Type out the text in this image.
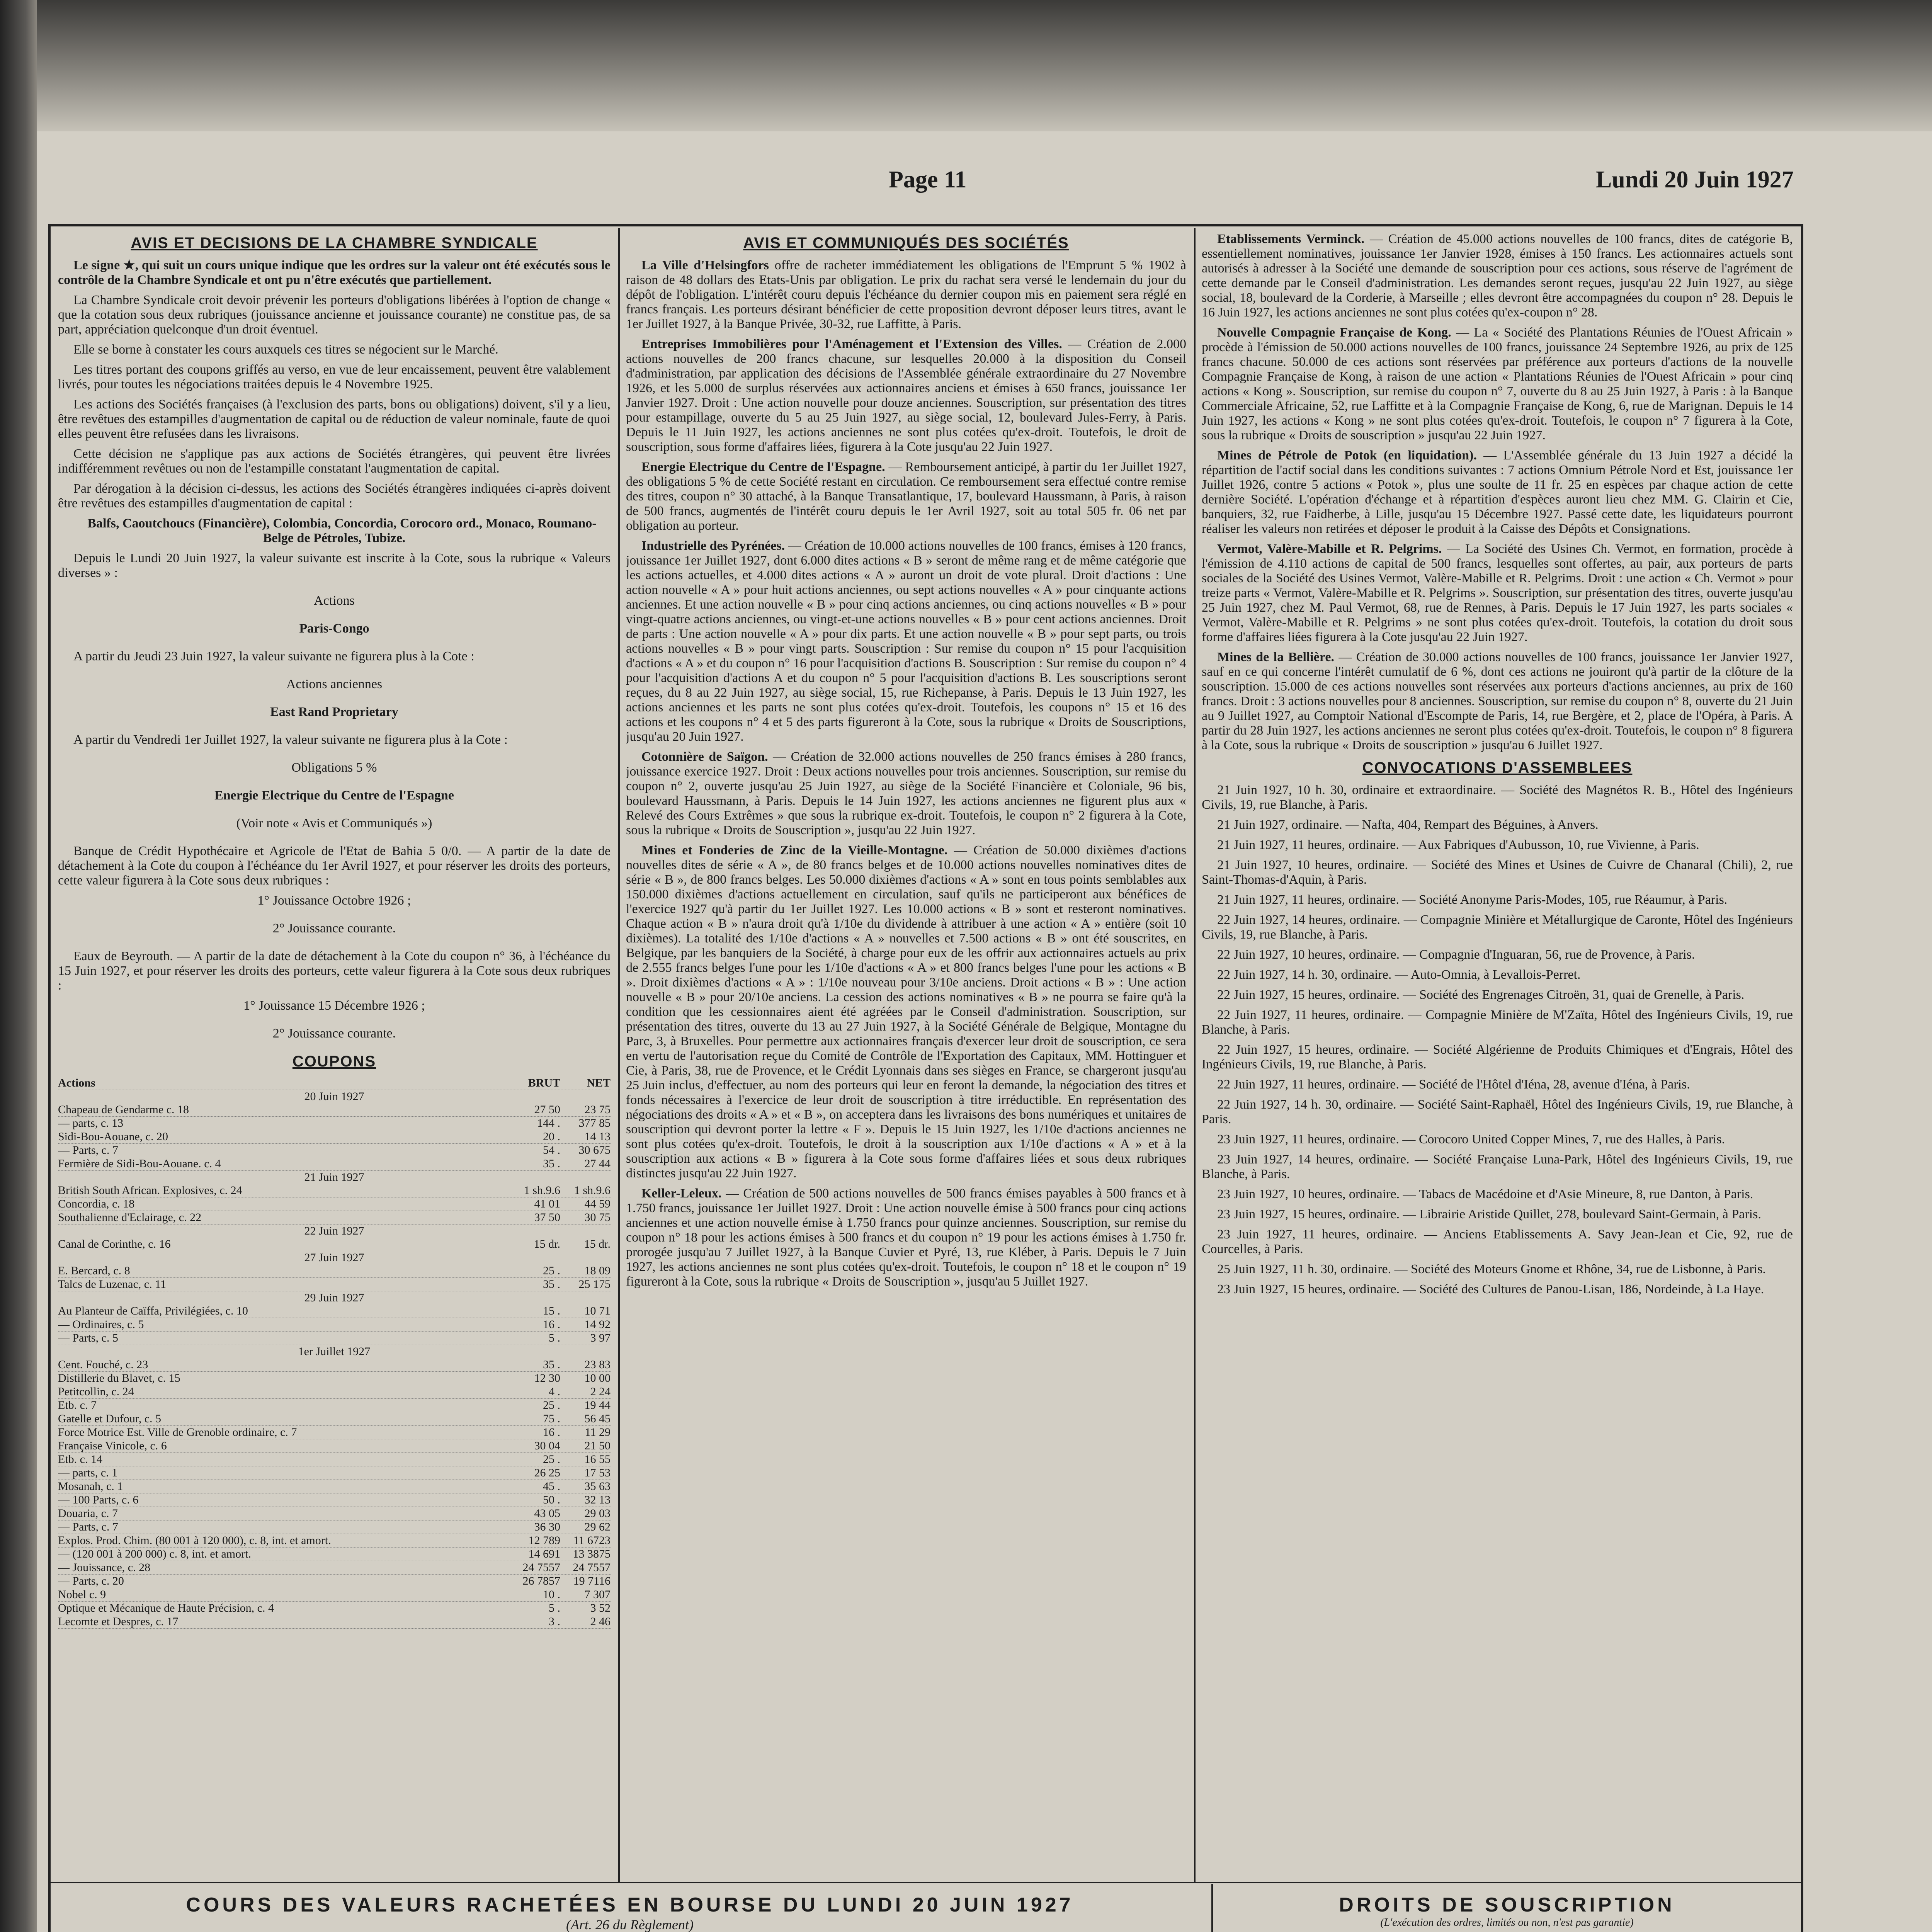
Page 11	Lundi 20 Juin 1927
AVIS ET DECISIONS DE LA CHAMBRE SYNDICALE

Le signe ★, qui suit un cours unique indique que les ordres sur la valeur ont été exécutés sous le contrôle de la Chambre Syndicale et ont pu n'être exécutés que partiellement.

La Chambre Syndicale croit devoir prévenir les porteurs d'obligations libérées à l'option de change « que la cotation sous deux rubriques (jouissance ancienne et jouissance courante) ne constitue pas, de sa part, appréciation quelconque d'un droit éventuel.

Elle se borne à constater les cours auxquels ces titres se négocient sur le Marché.

Les titres portant des coupons griffés au verso, en vue de leur encaissement, peuvent être valablement livrés, pour toutes les négociations traitées depuis le 4 Novembre 1925.

Les actions des Sociétés françaises (à l'exclusion des parts, bons ou obligations) doivent, s'il y a lieu, être revêtues des estampilles d'augmentation de capital ou de réduction de valeur nominale, faute de quoi elles peuvent être refusées dans les livraisons.

Cette décision ne s'applique pas aux actions de Sociétés étrangères, qui peuvent être livrées indifféremment revêtues ou non de l'estampille constatant l'augmentation de capital.

Par dérogation à la décision ci-dessus, les actions des Sociétés étrangères indiquées ci-après doivent être revêtues des estampilles d'augmentation de capital :

Balfs, Caoutchoucs (Financière), Colombia, Concordia, Corocoro ord., Monaco, Roumano-Belge de Pétroles, Tubize.

Depuis le Lundi 20 Juin 1927, la valeur suivante est inscrite à la Cote, sous la rubrique « Valeurs diverses » :

Actions

Paris-Congo

A partir du Jeudi 23 Juin 1927, la valeur suivante ne figurera plus à la Cote :

Actions anciennes

East Rand Proprietary

A partir du Vendredi 1er Juillet 1927, la valeur suivante ne figurera plus à la Cote :

Obligations 5 %

Energie Electrique du Centre de l'Espagne

(Voir note « Avis et Communiqués »)

Banque de Crédit Hypothécaire et Agricole de l'Etat de Bahia 5 0/0. — A partir de la date de détachement à la Cote du coupon à l'échéance du 1er Avril 1927, et pour réserver les droits des porteurs, cette valeur figurera à la Cote sous deux rubriques :

1° Jouissance Octobre 1926 ;

2° Jouissance courante.

Eaux de Beyrouth. — A partir de la date de détachement à la Cote du coupon n° 36, à l'échéance du 15 Juin 1927, et pour réserver les droits des porteurs, cette valeur figurera à la Cote sous deux rubriques :

1° Jouissance 15 Décembre 1926 ;

2° Jouissance courante.

COUPONS
Actions	BRUT	NET
20 Juin 1927
Chapeau de Gendarme c. 18	27 50	23 75
— parts, c. 13	144 .	377 85
Sidi-Bou-Aouane, c. 20	20 .	14 13
— Parts, c. 7	54 .	30 675
Fermière de Sidi-Bou-Aouane. c. 4	35 .	27 44
21 Juin 1927
British South African. Explosives, c. 24	1 sh.9.6	1 sh.9.6
Concordia, c. 18	41 01	44 59
Southalienne d'Eclairage, c. 22	37 50	30 75
22 Juin 1927
Canal de Corinthe, c. 16	15 dr.	15 dr.
27 Juin 1927
E. Bercard, c. 8	25 .	18 09
Talcs de Luzenac, c. 11	35 .	25 175
29 Juin 1927
Au Planteur de Caïffa, Privilégiées, c. 10	15 .	10 71
— Ordinaires, c. 5	16 .	14 92
— Parts, c. 5	5 .	3 97
1er Juillet 1927
Cent. Fouché, c. 23	35 .	23 83
Distillerie du Blavet, c. 15	12 30	10 00
Petitcollin, c. 24	4 .	2 24
Etb. c. 7	25 .	19 44
Gatelle et Dufour, c. 5	75 .	56 45
Force Motrice Est. Ville de Grenoble ordinaire, c. 7	16 .	11 29
Française Vinicole, c. 6	30 04	21 50
Etb. c. 14	25 .	16 55
— parts, c. 1	26 25	17 53
Mosanah, c. 1	45 .	35 63
— 100 Parts, c. 6	50 .	32 13
Douaria, c. 7	43 05	29 03
— Parts, c. 7	36 30	29 62
Explos. Prod. Chim. (80 001 à 120 000), c. 8, int. et amort.	12 789	11 6723
— (120 001 à 200 000) c. 8, int. et amort.	14 691	13 3875
— Jouissance, c. 28	24 7557	24 7557
— Parts, c. 20	26 7857	19 7116
Nobel c. 9	10 .	7 307
Optique et Mécanique de Haute Précision, c. 4	5 .	3 52
Lecomte et Despres, c. 17	3 .	2 46
AVIS ET COMMUNIQUÉS DES SOCIÉTÉS

La Ville d'Helsingfors offre de racheter immédiatement les obligations de l'Emprunt 5 % 1902 à raison de 48 dollars des Etats-Unis par obligation. Le prix du rachat sera versé le lendemain du jour du dépôt de l'obligation. L'intérêt couru depuis l'échéance du dernier coupon mis en paiement sera réglé en francs français. Les porteurs désirant bénéficier de cette proposition devront déposer leurs titres, avant le 1er Juillet 1927, à la Banque Privée, 30-32, rue Laffitte, à Paris.

Entreprises Immobilières pour l'Aménagement et l'Extension des Villes. — Création de 2.000 actions nouvelles de 200 francs chacune, sur lesquelles 20.000 à la disposition du Conseil d'administration, par application des décisions de l'Assemblée générale extraordinaire du 27 Novembre 1926, et les 5.000 de surplus réservées aux actionnaires anciens et émises à 650 francs, jouissance 1er Janvier 1927. Droit : Une action nouvelle pour douze anciennes. Souscription, sur présentation des titres pour estampillage, ouverte du 5 au 25 Juin 1927, au siège social, 12, boulevard Jules-Ferry, à Paris. Depuis le 11 Juin 1927, les actions anciennes ne sont plus cotées qu'ex-droit. Toutefois, le droit de souscription, sous forme d'affaires liées, figurera à la Cote jusqu'au 22 Juin 1927.

Energie Electrique du Centre de l'Espagne. — Remboursement anticipé, à partir du 1er Juillet 1927, des obligations 5 % de cette Société restant en circulation. Ce remboursement sera effectué contre remise des titres, coupon n° 30 attaché, à la Banque Transatlantique, 17, boulevard Haussmann, à Paris, à raison de 500 francs, augmentés de l'intérêt couru depuis le 1er Avril 1927, soit au total 505 fr. 06 net par obligation au porteur.

Industrielle des Pyrénées. — Création de 10.000 actions nouvelles de 100 francs, émises à 120 francs, jouissance 1er Juillet 1927, dont 6.000 dites actions « B » seront de même rang et de même catégorie que les actions actuelles, et 4.000 dites actions « A » auront un droit de vote plural. Droit d'actions : Une action nouvelle « A » pour huit actions anciennes, ou sept actions nouvelles « A » pour cinquante actions anciennes. Et une action nouvelle « B » pour cinq actions anciennes, ou cinq actions nouvelles « B » pour vingt-quatre actions anciennes, ou vingt-et-une actions nouvelles « B » pour cent actions anciennes. Droit de parts : Une action nouvelle « A » pour dix parts. Et une action nouvelle « B » pour sept parts, ou trois actions nouvelles « B » pour vingt parts. Souscription : Sur remise du coupon n° 15 pour l'acquisition d'actions « A » et du coupon n° 16 pour l'acquisition d'actions B. Souscription : Sur remise du coupon n° 4 pour l'acquisition d'actions A et du coupon n° 5 pour l'acquisition d'actions B. Les souscriptions seront reçues, du 8 au 22 Juin 1927, au siège social, 15, rue Richepanse, à Paris. Depuis le 13 Juin 1927, les actions anciennes et les parts ne sont plus cotées qu'ex-droit. Toutefois, les coupons n° 15 et 16 des actions et les coupons n° 4 et 5 des parts figureront à la Cote, sous la rubrique « Droits de Souscriptions, jusqu'au 20 Juin 1927.

Cotonnière de Saïgon. — Création de 32.000 actions nouvelles de 250 francs émises à 280 francs, jouissance exercice 1927. Droit : Deux actions nouvelles pour trois anciennes. Souscription, sur remise du coupon n° 2, ouverte jusqu'au 25 Juin 1927, au siège de la Société Financière et Coloniale, 96 bis, boulevard Haussmann, à Paris. Depuis le 14 Juin 1927, les actions anciennes ne figurent plus aux « Relevé des Cours Extrêmes » que sous la rubrique ex-droit. Toutefois, le coupon n° 2 figurera à la Cote, sous la rubrique « Droits de Souscription », jusqu'au 22 Juin 1927.

Mines et Fonderies de Zinc de la Vieille-Montagne. — Création de 50.000 dixièmes d'actions nouvelles dites de série « A », de 80 francs belges et de 10.000 actions nouvelles nominatives dites de série « B », de 800 francs belges. Les 50.000 dixièmes d'actions « A » sont en tous points semblables aux 150.000 dixièmes d'actions actuellement en circulation, sauf qu'ils ne participeront aux bénéfices de l'exercice 1927 qu'à partir du 1er Juillet 1927. Les 10.000 actions « B » sont et resteront nominatives. Chaque action « B » n'aura droit qu'à 1/10e du dividende à attribuer à une action « A » entière (soit 10 dixièmes). La totalité des 1/10e d'actions « A » nouvelles et 7.500 actions « B » ont été souscrites, en Belgique, par les banquiers de la Société, à charge pour eux de les offrir aux actionnaires actuels au prix de 2.555 francs belges l'une pour les 1/10e d'actions « A » et 800 francs belges l'une pour les actions « B ». Droit dixièmes d'actions « A » : 1/10e nouveau pour 3/10e anciens. Droit actions « B » : Une action nouvelle « B » pour 20/10e anciens. La cession des actions nominatives « B » ne pourra se faire qu'à la condition que les cessionnaires aient été agréées par le Conseil d'administration. Souscription, sur présentation des titres, ouverte du 13 au 27 Juin 1927, à la Société Générale de Belgique, Montagne du Parc, 3, à Bruxelles. Pour permettre aux actionnaires français d'exercer leur droit de souscription, ce sera en vertu de l'autorisation reçue du Comité de Contrôle de l'Exportation des Capitaux, MM. Hottinguer et Cie, à Paris, 38, rue de Provence, et le Crédit Lyonnais dans ses sièges en France, se chargeront jusqu'au 25 Juin inclus, d'effectuer, au nom des porteurs qui leur en feront la demande, la négociation des titres et fonds nécessaires à l'exercice de leur droit de souscription à titre irréductible. En représentation des négociations des droits « A » et « B », on acceptera dans les livraisons des bons numériques et unitaires de souscription qui devront porter la lettre « F ». Depuis le 15 Juin 1927, les 1/10e d'actions anciennes ne sont plus cotées qu'ex-droit. Toutefois, le droit à la souscription aux 1/10e d'actions « A » et à la souscription aux actions « B » figurera à la Cote sous forme d'affaires liées et sous deux rubriques distinctes jusqu'au 22 Juin 1927.

Keller-Leleux. — Création de 500 actions nouvelles de 500 francs émises payables à 500 francs et à 1.750 francs, jouissance 1er Juillet 1927. Droit : Une action nouvelle émise à 500 francs pour cinq actions anciennes et une action nouvelle émise à 1.750 francs pour quinze anciennes. Souscription, sur remise du coupon n° 18 pour les actions émises à 500 francs et du coupon n° 19 pour les actions émises à 1.750 fr. prorogée jusqu'au 7 Juillet 1927, à la Banque Cuvier et Pyré, 13, rue Kléber, à Paris. Depuis le 7 Juin 1927, les actions anciennes ne sont plus cotées qu'ex-droit. Toutefois, le coupon n° 18 et le coupon n° 19 figureront à la Cote, sous la rubrique « Droits de Souscription », jusqu'au 5 Juillet 1927.

Etablissements Verminck. — Création de 45.000 actions nouvelles de 100 francs, dites de catégorie B, essentiellement nominatives, jouissance 1er Janvier 1928, émises à 150 francs. Les actionnaires actuels sont autorisés à adresser à la Société une demande de souscription pour ces actions, sous réserve de l'agrément de cette demande par le Conseil d'administration. Les demandes seront reçues, jusqu'au 22 Juin 1927, au siège social, 18, boulevard de la Corderie, à Marseille ; elles devront être accompagnées du coupon n° 28. Depuis le 16 Juin 1927, les actions anciennes ne sont plus cotées qu'ex-coupon n° 28.

Nouvelle Compagnie Française de Kong. — La « Société des Plantations Réunies de l'Ouest Africain » procède à l'émission de 50.000 actions nouvelles de 100 francs, jouissance 24 Septembre 1926, au prix de 125 francs chacune. 50.000 de ces actions sont réservées par préférence aux porteurs d'actions de la nouvelle Compagnie Française de Kong, à raison de une action « Plantations Réunies de l'Ouest Africain » pour cinq actions « Kong ». Souscription, sur remise du coupon n° 7, ouverte du 8 au 25 Juin 1927, à Paris : à la Banque Commerciale Africaine, 52, rue Laffitte et à la Compagnie Française de Kong, 6, rue de Marignan. Depuis le 14 Juin 1927, les actions « Kong » ne sont plus cotées qu'ex-droit. Toutefois, le coupon n° 7 figurera à la Cote, sous la rubrique « Droits de souscription » jusqu'au 22 Juin 1927.

Mines de Pétrole de Potok (en liquidation). — L'Assemblée générale du 13 Juin 1927 a décidé la répartition de l'actif social dans les conditions suivantes : 7 actions Omnium Pétrole Nord et Est, jouissance 1er Juillet 1926, contre 5 actions « Potok », plus une soulte de 11 fr. 25 en espèces par chaque action de cette dernière Société. L'opération d'échange et à répartition d'espèces auront lieu chez MM. G. Clairin et Cie, banquiers, 32, rue Faidherbe, à Lille, jusqu'au 15 Décembre 1927. Passé cette date, les liquidateurs pourront réaliser les valeurs non retirées et déposer le produit à la Caisse des Dépôts et Consignations.

Vermot, Valère-Mabille et R. Pelgrims. — La Société des Usines Ch. Vermot, en formation, procède à l'émission de 4.110 actions de capital de 500 francs, lesquelles sont offertes, au pair, aux porteurs de parts sociales de la Société des Usines Vermot, Valère-Mabille et R. Pelgrims. Droit : une action « Ch. Vermot » pour treize parts « Vermot, Valère-Mabille et R. Pelgrims ». Souscription, sur présentation des titres, ouverte jusqu'au 25 Juin 1927, chez M. Paul Vermot, 68, rue de Rennes, à Paris. Depuis le 17 Juin 1927, les parts sociales « Vermot, Valère-Mabille et R. Pelgrims » ne sont plus cotées qu'ex-droit. Toutefois, la cotation du droit sous forme d'affaires liées figurera à la Cote jusqu'au 22 Juin 1927.

Mines de la Bellière. — Création de 30.000 actions nouvelles de 100 francs, jouissance 1er Janvier 1927, sauf en ce qui concerne l'intérêt cumulatif de 6 %, dont ces actions ne jouiront qu'à partir de la clôture de la souscription. 15.000 de ces actions nouvelles sont réservées aux porteurs d'actions anciennes, au prix de 160 francs. Droit : 3 actions nouvelles pour 8 anciennes. Souscription, sur remise du coupon n° 8, ouverte du 21 Juin au 9 Juillet 1927, au Comptoir National d'Escompte de Paris, 14, rue Bergère, et 2, place de l'Opéra, à Paris. A partir du 28 Juin 1927, les actions anciennes ne seront plus cotées qu'ex-droit. Toutefois, le coupon n° 8 figurera à la Cote, sous la rubrique « Droits de souscription » jusqu'au 6 Juillet 1927.

CONVOCATIONS D'ASSEMBLEES

21 Juin 1927, 10 h. 30, ordinaire et extraordinaire. — Société des Magnétos R. B., Hôtel des Ingénieurs Civils, 19, rue Blanche, à Paris.

21 Juin 1927, ordinaire. — Nafta, 404, Rempart des Béguines, à Anvers.

21 Juin 1927, 11 heures, ordinaire. — Aux Fabriques d'Aubusson, 10, rue Vivienne, à Paris.

21 Juin 1927, 10 heures, ordinaire. — Société des Mines et Usines de Cuivre de Chanaral (Chili), 2, rue Saint-Thomas-d'Aquin, à Paris.

21 Juin 1927, 11 heures, ordinaire. — Société Anonyme Paris-Modes, 105, rue Réaumur, à Paris.

22 Juin 1927, 14 heures, ordinaire. — Compagnie Minière et Métallurgique de Caronte, Hôtel des Ingénieurs Civils, 19, rue Blanche, à Paris.

22 Juin 1927, 10 heures, ordinaire. — Compagnie d'Inguaran, 56, rue de Provence, à Paris.

22 Juin 1927, 14 h. 30, ordinaire. — Auto-Omnia, à Levallois-Perret.

22 Juin 1927, 15 heures, ordinaire. — Société des Engrenages Citroën, 31, quai de Grenelle, à Paris.

22 Juin 1927, 11 heures, ordinaire. — Compagnie Minière de M'Zaïta, Hôtel des Ingénieurs Civils, 19, rue Blanche, à Paris.

22 Juin 1927, 15 heures, ordinaire. — Société Algérienne de Produits Chimiques et d'Engrais, Hôtel des Ingénieurs Civils, 19, rue Blanche, à Paris.

22 Juin 1927, 11 heures, ordinaire. — Société de l'Hôtel d'Iéna, 28, avenue d'Iéna, à Paris.

22 Juin 1927, 14 h. 30, ordinaire. — Société Saint-Raphaël, Hôtel des Ingénieurs Civils, 19, rue Blanche, à Paris.

23 Juin 1927, 11 heures, ordinaire. — Corocoro United Copper Mines, 7, rue des Halles, à Paris.

23 Juin 1927, 14 heures, ordinaire. — Société Française Luna-Park, Hôtel des Ingénieurs Civils, 19, rue Blanche, à Paris.

23 Juin 1927, 10 heures, ordinaire. — Tabacs de Macédoine et d'Asie Mineure, 8, rue Danton, à Paris.

23 Juin 1927, 15 heures, ordinaire. — Librairie Aristide Quillet, 278, boulevard Saint-Germain, à Paris.

23 Juin 1927, 11 heures, ordinaire. — Anciens Etablissements A. Savy Jean-Jean et Cie, 92, rue de Courcelles, à Paris.

25 Juin 1927, 11 h. 30, ordinaire. — Société des Moteurs Gnome et Rhône, 34, rue de Lisbonne, à Paris.

23 Juin 1927, 15 heures, ordinaire. — Société des Cultures de Panou-Lisan, 186, Nordeinde, à La Haye.

COURS DES VALEURS RACHETÉES EN BOURSE DU LUNDI 20 JUIN 1927
(Art. 26 du Règlement)
DROITS DE SOUSCRIPTION
(L'exécution des ordres, limités ou non, n'est pas garantie)
